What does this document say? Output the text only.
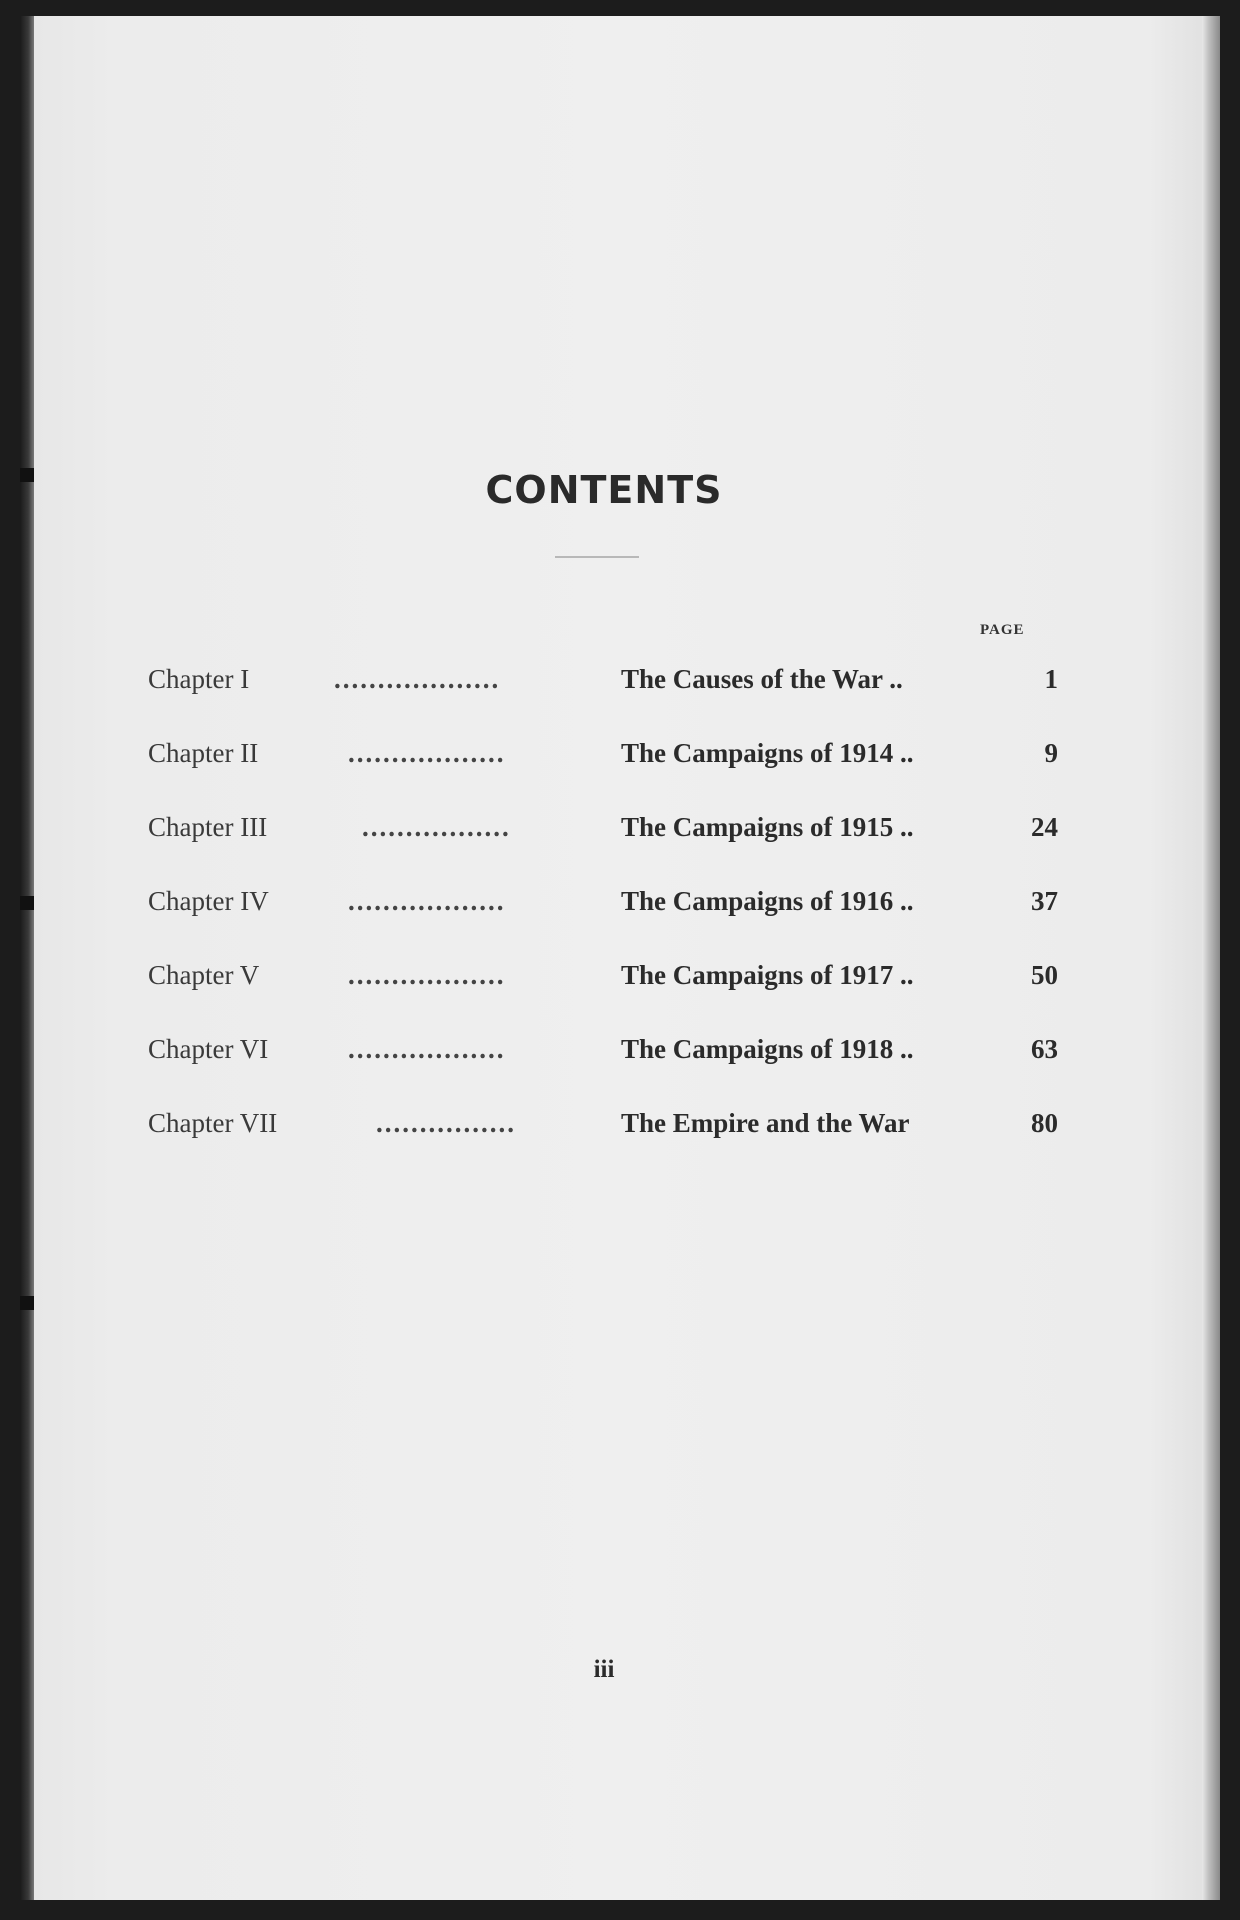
CONTENTS
PAGE
Chapter I	...................	The Causes of the War ..	1
Chapter II	..................	The Campaigns of 1914 ..	9
Chapter III	.................	The Campaigns of 1915 ..	24
Chapter IV	..................	The Campaigns of 1916 ..	37
Chapter V	..................	The Campaigns of 1917 ..	50
Chapter VI	..................	The Campaigns of 1918 ..	63
Chapter VII	................	The Empire and the War	80
iii
